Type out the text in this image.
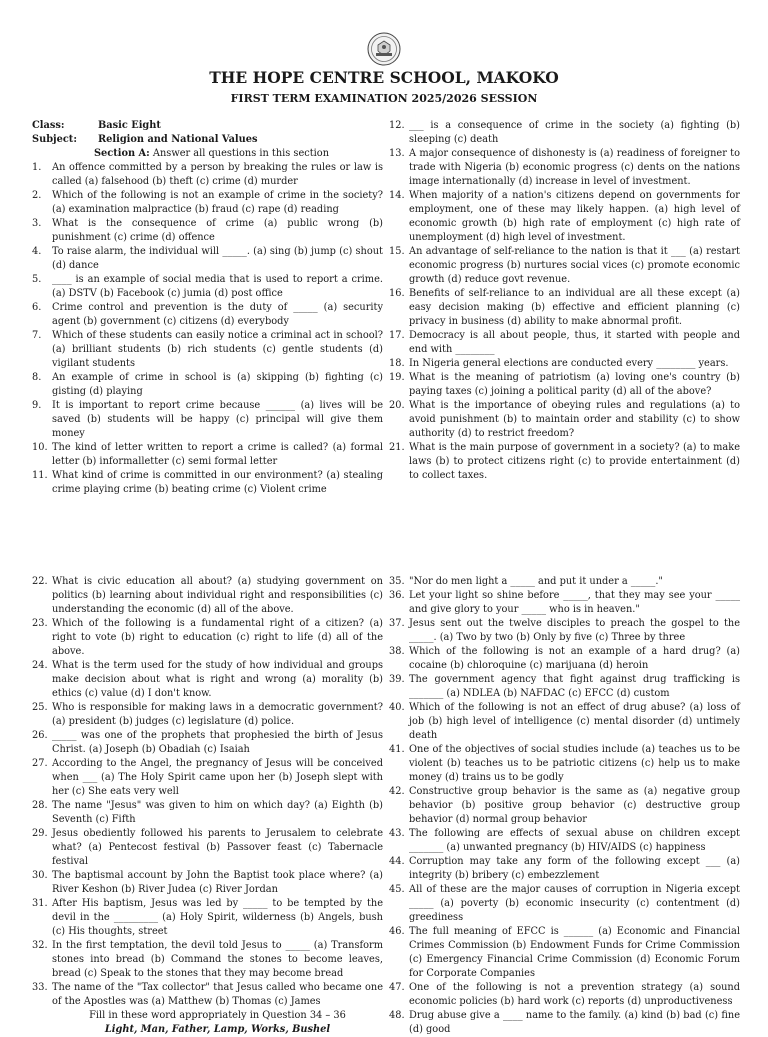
THE HOPE CENTRE SCHOOL, MAKOKO
FIRST TERM EXAMINATION 2025/2026 SESSION
Class:	Basic Eight
Subject:	Religion and National Values
Section A: Answer all questions in this section
1.	An offence committed by a person by breaking the rules or law is called (a) falsehood (b) theft (c) crime (d) murder
2.	Which of the following is not an example of crime in the society? (a) examination malpractice (b) fraud (c) rape (d) reading
3.	What is the consequence of crime (a) public wrong (b) punishment (c) crime (d) offence
4.	To raise alarm, the individual will _____. (a) sing (b) jump (c) shout (d) dance
5.	____ is an example of social media that is used to report a crime. (a) DSTV (b) Facebook (c) jumia (d) post office
6.	Crime control and prevention is the duty of _____ (a) security agent (b) government (c) citizens (d) everybody
7.	Which of these students can easily notice a criminal act in school? (a) brilliant students (b) rich students (c) gentle students (d) vigilant students
8.	An example of crime in school is (a) skipping (b) fighting (c) gisting (d) playing
9.	It is important to report crime because ______ (a) lives will be saved (b) students will be happy (c) principal will give them money
10. The kind of letter written to report a crime is called? (a) formal letter (b) informalletter (c) semi formal letter
11. What kind of crime is committed in our environment? (a) stealing crime playing crime (b) beating crime (c) Violent crime
12. ___ is a consequence of crime in the society (a) fighting (b) sleeping (c) death
13. A major consequence of dishonesty is (a) readiness of foreigner to trade with Nigeria (b) economic progress (c) dents on the nations image internationally (d) increase in level of investment.
14. When majority of a nation's citizens depend on governments for employment, one of these may likely happen. (a) high level of economic growth (b) high rate of employment (c) high rate of unemployment (d) high level of investment.
15. An advantage of self-reliance to the nation is that it ___ (a) restart economic progress (b) nurtures social vices (c) promote economic growth (d) reduce govt revenue.
16. Benefits of self-reliance to an individual are all these except (a) easy decision making (b) effective and efficient planning (c) privacy in business (d) ability to make abnormal profit.
17. Democracy is all about people, thus, it started with people and end with ________
18. In Nigeria general elections are conducted every ________ years.
19. What is the meaning of patriotism (a) loving one's country (b) paying taxes (c) joining a political parity (d) all of the above?
20. What is the importance of obeying rules and regulations (a) to avoid punishment (b) to maintain order and stability (c) to show authority (d) to restrict freedom?
21. What is the main purpose of government in a society? (a) to make laws (b) to protect citizens right (c) to provide entertainment (d) to collect taxes.
22. What is civic education all about? (a) studying government on politics (b) learning about individual right and responsibilities (c) understanding the economic (d) all of the above.
23. Which of the following is a fundamental right of a citizen? (a) right to vote (b) right to education (c) right to life (d) all of the above.
24. What is the term used for the study of how individual and groups make decision about what is right and wrong (a) morality (b) ethics (c) value (d) I don't know.
25. Who is responsible for making laws in a democratic government? (a) president (b) judges (c) legislature (d) police.
26. _____ was one of the prophets that prophesied the birth of Jesus Christ. (a) Joseph (b) Obadiah (c) Isaiah
27. According to the Angel, the pregnancy of Jesus will be conceived when ___ (a) The Holy Spirit came upon her (b) Joseph slept with her (c) She eats very well
28. The name "Jesus" was given to him on which day? (a) Eighth (b) Seventh (c) Fifth
29. Jesus obediently followed his parents to Jerusalem to celebrate what? (a) Pentecost festival (b) Passover feast (c) Tabernacle festival
30. The baptismal account by John the Baptist took place where? (a) River Keshon (b) River Judea (c) River Jordan
31. After His baptism, Jesus was led by _____ to be tempted by the devil in the _________ (a) Holy Spirit, wilderness (b) Angels, bush (c) His thoughts, street
32. In the first temptation, the devil told Jesus to _____ (a) Transform stones into bread (b) Command the stones to become leaves, bread (c) Speak to the stones that they may become bread
33. The name of the "Tax collector" that Jesus called who became one of the Apostles was (a) Matthew (b) Thomas (c) James
Fill in these word appropriately in Question 34 – 36
Light, Man, Father, Lamp, Works, Bushel
35. "Nor do men light a _____ and put it under a _____."
36. Let your light so shine before _____, that they may see your _____ and give glory to your _____ who is in heaven."
37. Jesus sent out the twelve disciples to preach the gospel to the _____. (a) Two by two (b) Only by five (c) Three by three
38. Which of the following is not an example of a hard drug? (a) cocaine (b) chloroquine (c) marijuana (d) heroin
39. The government agency that fight against drug trafficking is _______ (a) NDLEA (b) NAFDAC (c) EFCC (d) custom
40. Which of the following is not an effect of drug abuse? (a) loss of job (b) high level of intelligence (c) mental disorder (d) untimely death
41. One of the objectives of social studies include (a) teaches us to be violent (b) teaches us to be patriotic citizens (c) help us to make money (d) trains us to be godly
42. Constructive group behavior is the same as (a) negative group behavior (b) positive group behavior (c) destructive group behavior (d) normal group behavior
43. The following are effects of sexual abuse on children except _______ (a) unwanted pregnancy (b) HIV/AIDS (c) happiness
44. Corruption may take any form of the following except ___ (a) integrity (b) bribery (c) embezzlement
45. All of these are the major causes of corruption in Nigeria except _____ (a) poverty (b) economic insecurity (c) contentment (d) greediness
46. The full meaning of EFCC is ______ (a) Economic and Financial Crimes Commission (b) Endowment Funds for Crime Commission (c) Emergency Financial Crime Commission (d) Economic Forum for Corporate Companies
47. One of the following is not a prevention strategy (a) sound economic policies (b) hard work (c) reports (d) unproductiveness
48. Drug abuse give a ____ name to the family. (a) kind (b) bad (c) fine (d) good
